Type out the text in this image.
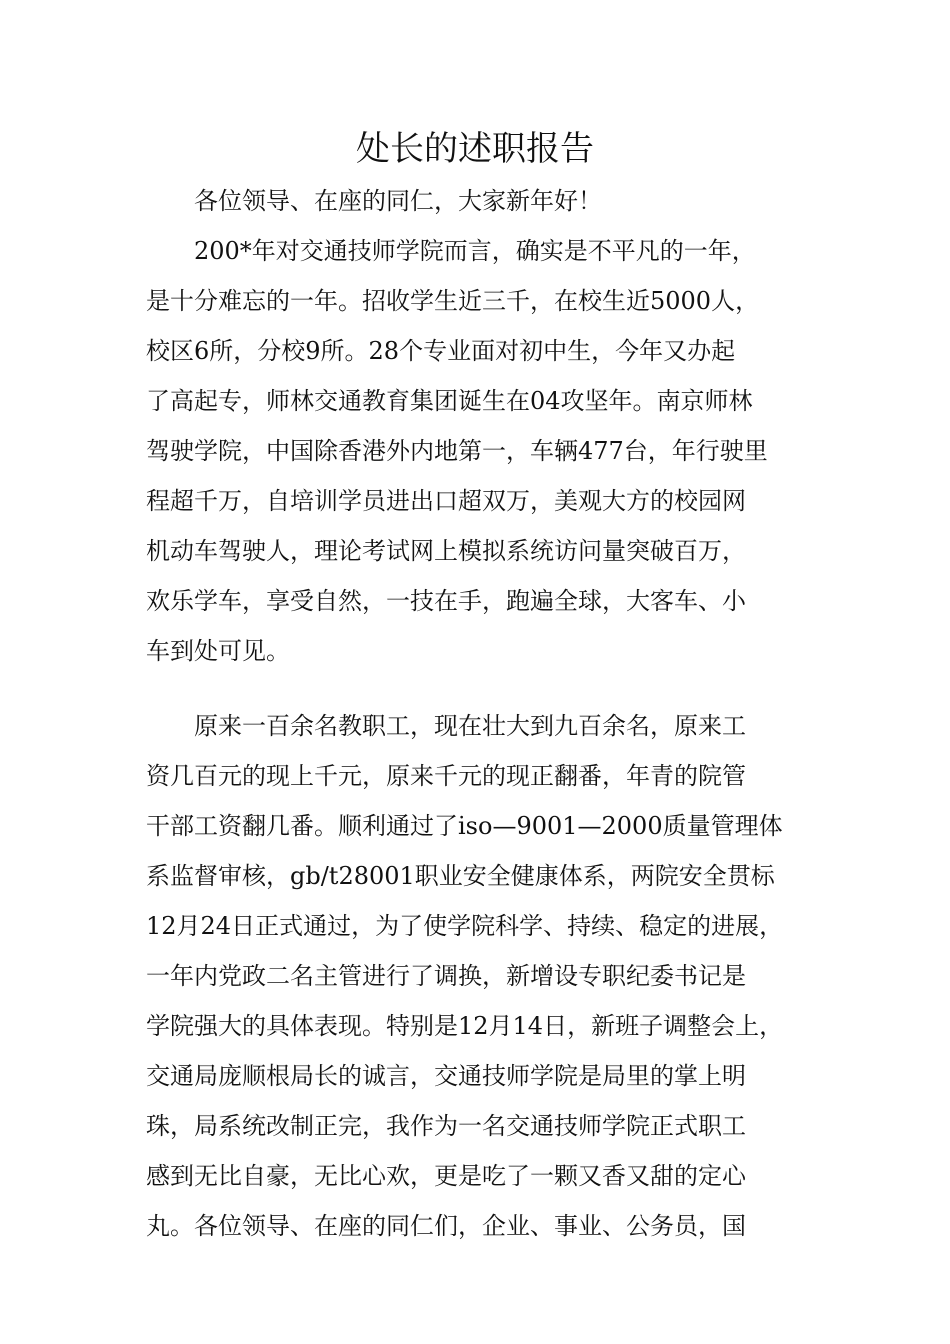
处长的述职报告

各位领导、在座的同仁，大家新年好！

200*年对交通技师学院而言，确实是不平凡的一年，

是十分难忘的一年。招收学生近三千，在校生近5000人，

校区6所，分校9所。28个专业面对初中生，今年又办起

了高起专，师林交通教育集团诞生在04攻坚年。南京师林

驾驶学院，中国除香港外内地第一，车辆477台，年行驶里

程超千万，自培训学员进出口超双万，美观大方的校园网

机动车驾驶人，理论考试网上模拟系统访问量突破百万，

欢乐学车，享受自然，一技在手，跑遍全球，大客车、小

车到处可见。

原来一百余名教职工，现在壮大到九百余名，原来工

资几百元的现上千元，原来千元的现正翻番，年青的院管

干部工资翻几番。顺利通过了iso—9001—2000质量管理体

系监督审核，gb/t28001职业安全健康体系，两院安全贯标

12月24日正式通过，为了使学院科学、持续、稳定的进展，

一年内党政二名主管进行了调换，新增设专职纪委书记是

学院强大的具体表现。特别是12月14日，新班子调整会上，

交通局庞顺根局长的诚言，交通技师学院是局里的掌上明

珠，局系统改制正完，我作为一名交通技师学院正式职工

感到无比自豪，无比心欢，更是吃了一颗又香又甜的定心

丸。各位领导、在座的同仁们，企业、事业、公务员，国
